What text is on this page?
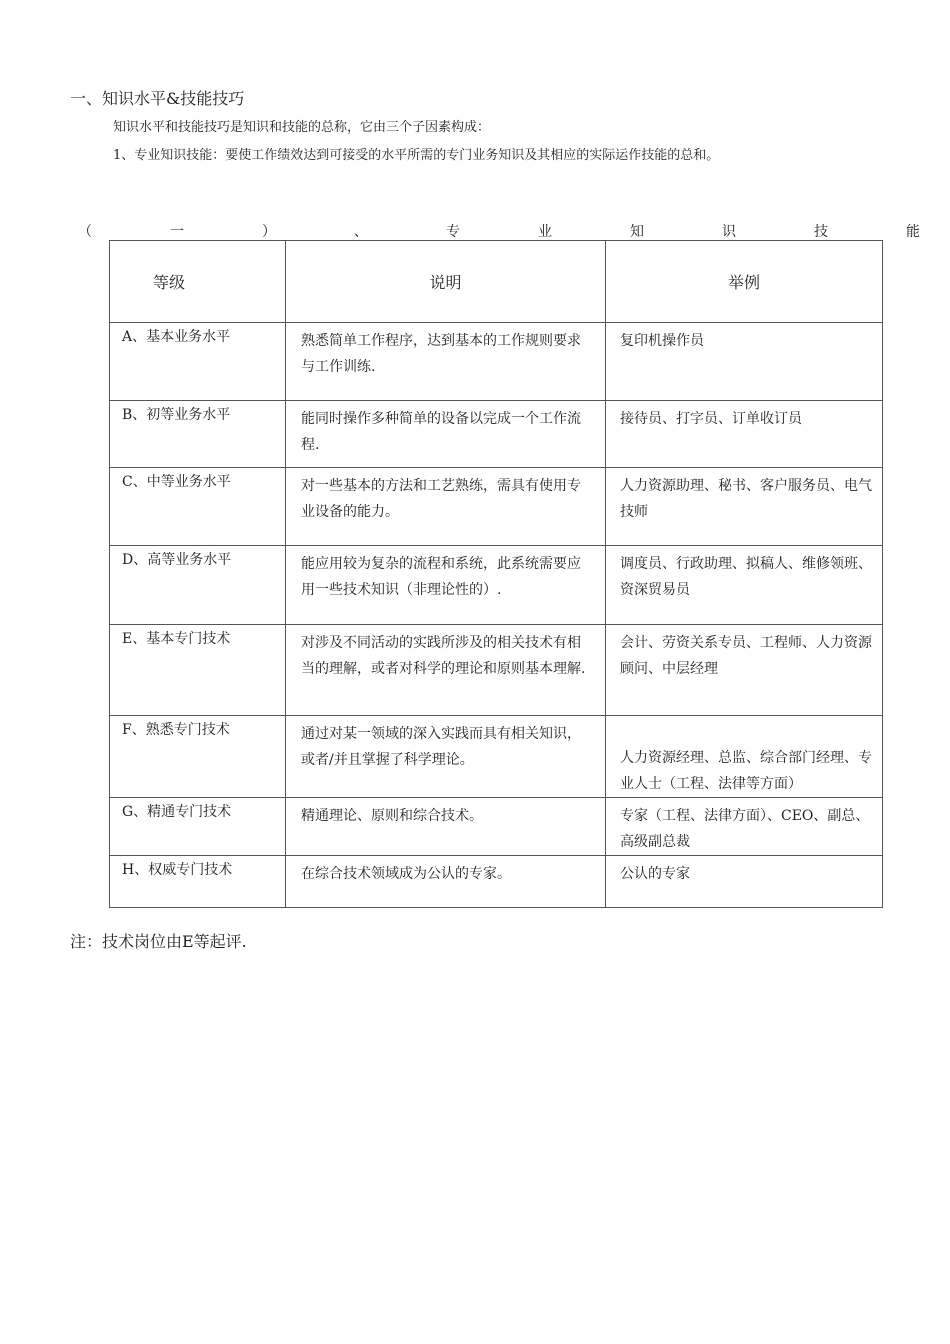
一、知识水平&技能技巧
知识水平和技能技巧是知识和技能的总称，它由三个子因素构成：
1、专业知识技能：要使工作绩效达到可接受的水平所需的专门业务知识及其相应的实际运作技能的总和。
（	一	）	、	专	业	知	识	技	能
等级	说明	举例
A、基本业务水平	熟悉简单工作程序，达到基本的工作规则要求与工作训练.	复印机操作员
B、初等业务水平	能同时操作多种简单的设备以完成一个工作流程.	接待员、打字员、订单收订员
C、中等业务水平	对一些基本的方法和工艺熟练，需具有使用专业设备的能力。	人力资源助理、秘书、客户服务员、电气技师
D、高等业务水平	能应用较为复杂的流程和系统，此系统需要应用一些技术知识（非理论性的）.	调度员、行政助理、拟稿人、维修领班、资深贸易员
E、基本专门技术	对涉及不同活动的实践所涉及的相关技术有相当的理解，或者对科学的理论和原则基本理解.	会计、劳资关系专员、工程师、人力资源顾问、中层经理
F、熟悉专门技术	通过对某一领域的深入实践而具有相关知识，或者/并且掌握了科学理论。	人力资源经理、总监、综合部门经理、专业人士（工程、法律等方面）
G、精通专门技术	精通理论、原则和综合技术。	专家（工程、法律方面）、CEO、副总、高级副总裁
H、权威专门技术	在综合技术领域成为公认的专家。	公认的专家
注：技术岗位由E等起评.
